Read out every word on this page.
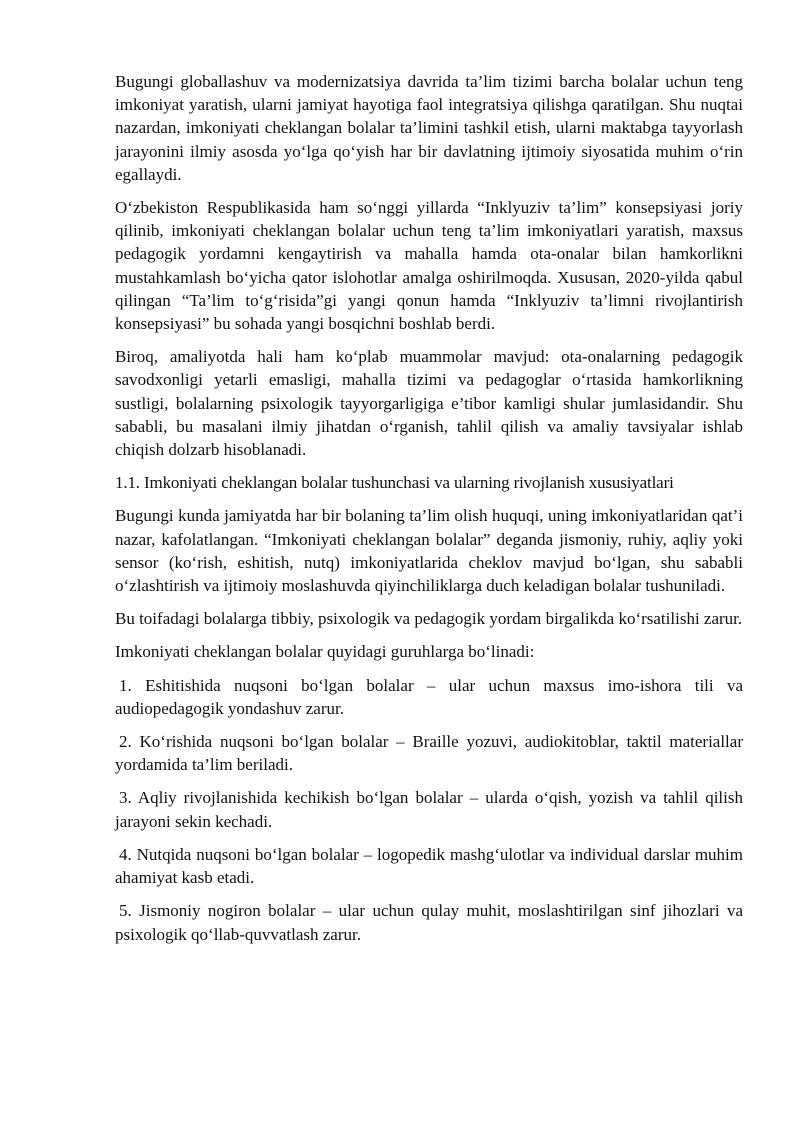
Bugungi globallashuv va modernizatsiya davrida ta’lim tizimi barcha bolalar uchun teng imkoniyat yaratish, ularni jamiyat hayotiga faol integratsiya qilishga qaratilgan. Shu nuqtai nazardan, imkoniyati cheklangan bolalar ta’limini tashkil etish, ularni maktabga tayyorlash jarayonini ilmiy asosda yo‘lga qo‘yish har bir davlatning ijtimoiy siyosatida muhim o‘rin egallaydi.

O‘zbekiston Respublikasida ham so‘nggi yillarda “Inklyuziv ta’lim” konsepsiyasi joriy qilinib, imkoniyati cheklangan bolalar uchun teng ta’lim imkoniyatlari yaratish, maxsus pedagogik yordamni kengaytirish va mahalla hamda ota-onalar bilan hamkorlikni mustahkamlash bo‘yicha qator islohotlar amalga oshirilmoqda. Xususan, 2020-yilda qabul qilingan “Ta’lim to‘g‘risida”gi yangi qonun hamda “Inklyuziv ta’limni rivojlantirish konsepsiyasi” bu sohada yangi bosqichni boshlab berdi.

Biroq, amaliyotda hali ham ko‘plab muammolar mavjud: ota-onalarning pedagogik savodxonligi yetarli emasligi, mahalla tizimi va pedagoglar o‘rtasida hamkorlikning sustligi, bolalarning psixologik tayyorgarligiga e’tibor kamligi shular jumlasidandir. Shu sababli, bu masalani ilmiy jihatdan o‘rganish, tahlil qilish va amaliy tavsiyalar ishlab chiqish dolzarb hisoblanadi.

1.1. Imkoniyati cheklangan bolalar tushunchasi va ularning rivojlanish xususiyatlari

Bugungi kunda jamiyatda har bir bolaning ta’lim olish huquqi, uning imkoniyatlaridan qat’i nazar, kafolatlangan. “Imkoniyati cheklangan bolalar” deganda jismoniy, ruhiy, aqliy yoki sensor (ko‘rish, eshitish, nutq) imkoniyatlarida cheklov mavjud bo‘lgan, shu sababli o‘zlashtirish va ijtimoiy moslashuvda qiyinchiliklarga duch keladigan bolalar tushuniladi.

Bu toifadagi bolalarga tibbiy, psixologik va pedagogik yordam birgalikda ko‘rsatilishi zarur.

Imkoniyati cheklangan bolalar quyidagi guruhlarga bo‘linadi:

1. Eshitishida nuqsoni bo‘lgan bolalar – ular uchun maxsus imo-ishora tili va audiopedagogik yondashuv zarur.

2. Ko‘rishida nuqsoni bo‘lgan bolalar – Braille yozuvi, audiokitoblar, taktil materiallar yordamida ta’lim beriladi.

3. Aqliy rivojlanishida kechikish bo‘lgan bolalar – ularda o‘qish, yozish va tahlil qilish jarayoni sekin kechadi.

4. Nutqida nuqsoni bo‘lgan bolalar – logopedik mashg‘ulotlar va individual darslar muhim ahamiyat kasb etadi.

5. Jismoniy nogiron bolalar – ular uchun qulay muhit, moslashtirilgan sinf jihozlari va psixologik qo‘llab-quvvatlash zarur.
